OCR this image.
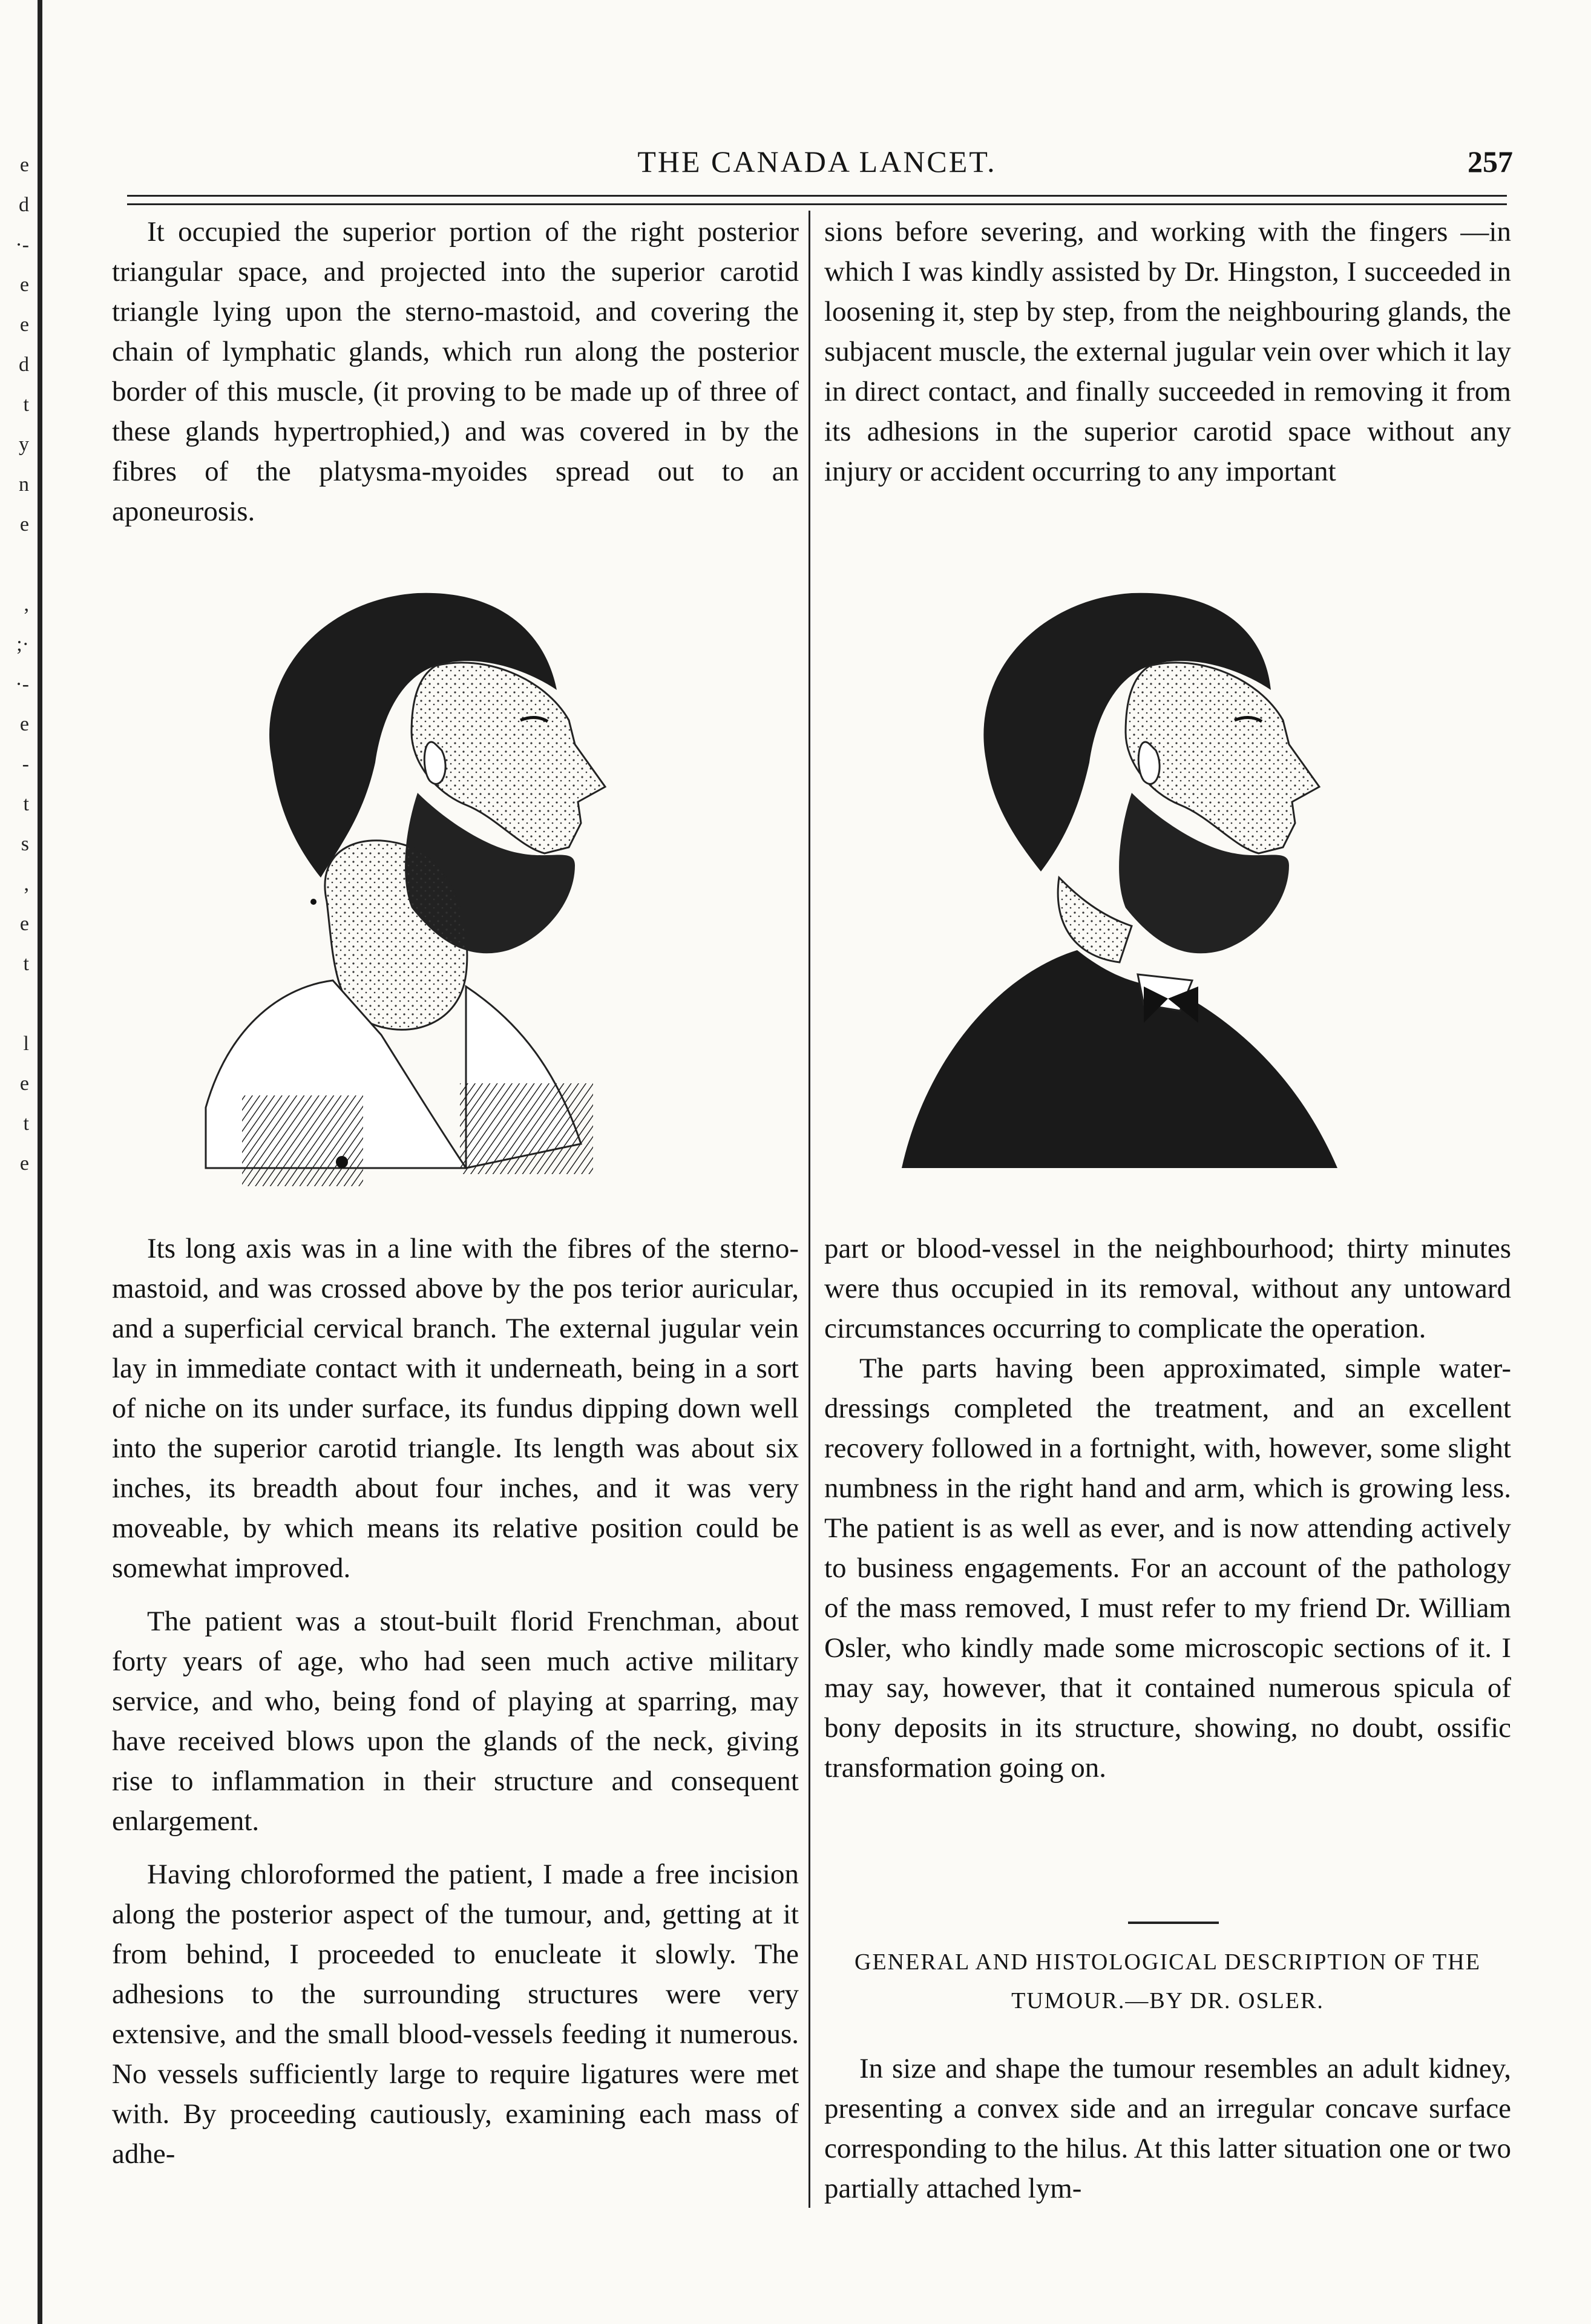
e
d
·-
e
e
d
t
y
n
e

,
;·
·-
e
-
t
s
,
e
t

l
e
t
e
THE CANADA LANCET.	257

It occupied the superior portion of the right posterior triangular space, and projected into the superior carotid triangle lying upon the sterno-mastoid, and covering the chain of lymphatic glands, which run along the posterior border of this muscle, (it proving to be made up of three of these glands hypertrophied,) and was covered in by the fibres of the platysma-myoides spread out to an aponeurosis.

Its long axis was in a line with the fibres of the sterno-mastoid, and was crossed above by the pos terior auricular, and a superficial cervical branch. The external jugular vein lay in immediate contact with it underneath, being in a sort of niche on its under surface, its fundus dipping down well into the superior carotid triangle. Its length was about six inches, its breadth about four inches, and it was very moveable, by which means its relative position could be somewhat improved.

The patient was a stout-built florid Frenchman, about forty years of age, who had seen much active military service, and who, being fond of playing at sparring, may have received blows upon the glands of the neck, giving rise to inflammation in their structure and consequent enlargement.

Having chloroformed the patient, I made a free incision along the posterior aspect of the tumour, and, getting at it from behind, I proceeded to enucleate it slowly. The adhesions to the surrounding structures were very extensive, and the small blood-vessels feeding it numerous. No vessels sufficiently large to require ligatures were met with. By proceeding cautiously, examining each mass of adhe-

sions before severing, and working with the fingers —in which I was kindly assisted by Dr. Hingston, I succeeded in loosening it, step by step, from the neighbouring glands, the subjacent muscle, the external jugular vein over which it lay in direct contact, and finally succeeded in removing it from its adhesions in the superior carotid space without any injury or accident occurring to any important

part or blood-vessel in the neighbourhood; thirty minutes were thus occupied in its removal, without any untoward circumstances occurring to complicate the operation.

The parts having been approximated, simple water-dressings completed the treatment, and an excellent recovery followed in a fortnight, with, however, some slight numbness in the right hand and arm, which is growing less. The patient is as well as ever, and is now attending actively to business engagements. For an account of the pathology of the mass removed, I must refer to my friend Dr. William Osler, who kindly made some microscopic sections of it. I may say, however, that it contained numerous spicula of bony deposits in its structure, showing, no doubt, ossific transformation going on.

GENERAL AND HISTOLOGICAL DESCRIPTION OF THE TUMOUR.—BY DR. OSLER.

In size and shape the tumour resembles an adult kidney, presenting a convex side and an irregular concave surface corresponding to the hilus. At this latter situation one or two partially attached lym-
